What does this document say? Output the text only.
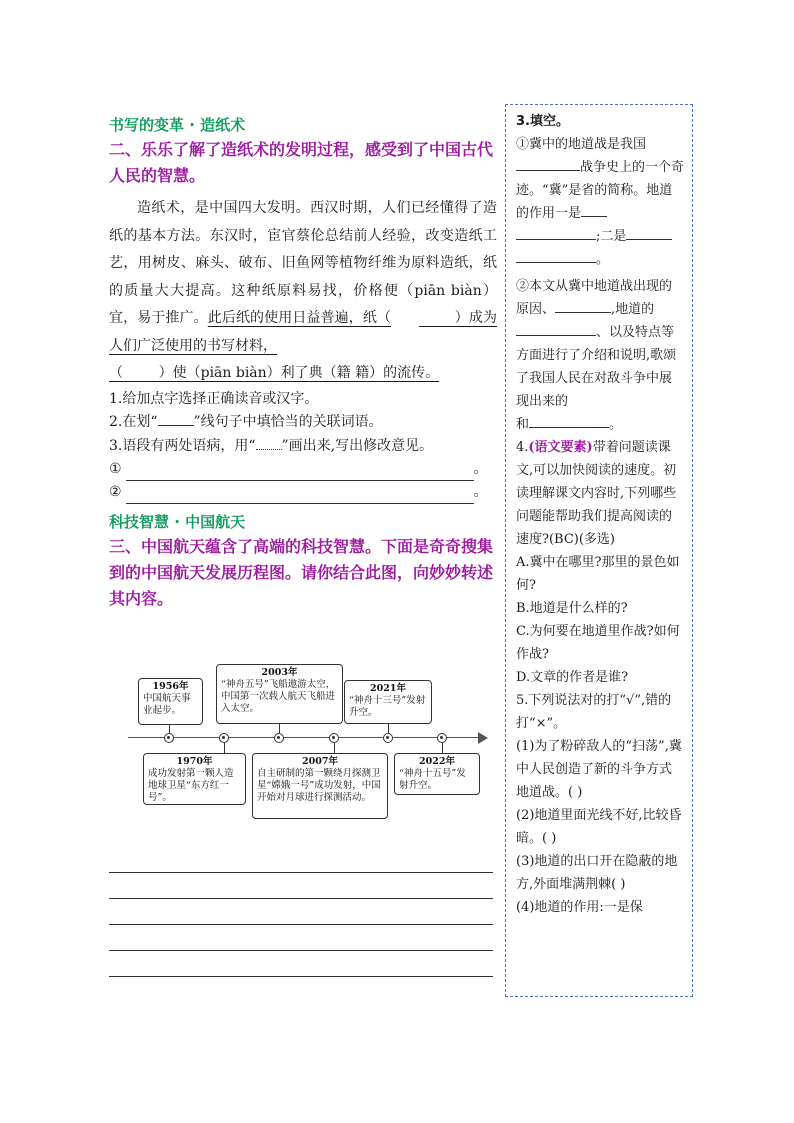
书写的变革 · 造纸术

二、乐乐了解了造纸术的发明过程，感受到了中国古代人民的智慧。

造纸术，是中国四大发明。西汉时期，人们已经懂得了造纸的基本方法。东汉时，宦官蔡伦总结前人经验，改变造纸工艺，用树皮、麻头、破布、旧鱼网等植物纤维为原料造纸，纸的质量大大提高。这种纸原料易找，价格便（piān biàn）宜，易于推广。此后纸的使用日益普遍，纸（	）成为人们广泛使用的书写材料，

（	）使（piān biàn）利了典（籍 籍）的流传。
1.给加点字选择正确读音或汉字。
2.在划“	”线句子中填恰当的关联词语。
3.语段有两处语病，用“ ”画出来,写出修改意见。
①	。
②	。
科技智慧 · 中国航天

三、中国航天蕴含了高端的科技智慧。下面是奇奇搜集到的中国航天发展历程图。请你结合此图，向妙妙转述其内容。

1956年
中国航天事业起步。
2003年
“神舟五号”飞船遨游太空，中国第一次载人航天飞船进入太空。
2021年
“神舟十三号”发射升空。
1970年
成功发射第一颗人造地球卫星“东方红一号”。
2007年
自主研制的第一颗绕月探测卫星“嫦娥一号”成功发射，中国开始对月球进行探测活动。
2022年
“神舟十五号”发射升空。

3.填空。

①冀中的地道战是我国战争史上的一个奇迹。“冀”是省的简称。地道的作用一是
;二是
。

②本文从冀中地道战出现的原因、	,地道的、以及特点等方面进行了介绍和说明,歌颂了我国人民在对敌斗争中展现出来的
和	。

4.(语文要素)带着问题读课文,可以加快阅读的速度。初读理解课文内容时,下列哪些问题能帮助我们提高阅读的速度?(BC)(多选)

A.冀中在哪里?那里的景色如何?

B.地道是什么样的?

C.为何要在地道里作战?如何作战?

D.文章的作者是谁?

5.下列说法对的打“√”,错的打“×”。

(1)为了粉碎敌人的“扫荡”,冀中人民创造了新的斗争方式地道战。( )

(2)地道里面光线不好,比较昏暗。( )

(3)地道的出口开在隐蔽的地方,外面堆满荆棘( )

(4)地道的作用:一是保
